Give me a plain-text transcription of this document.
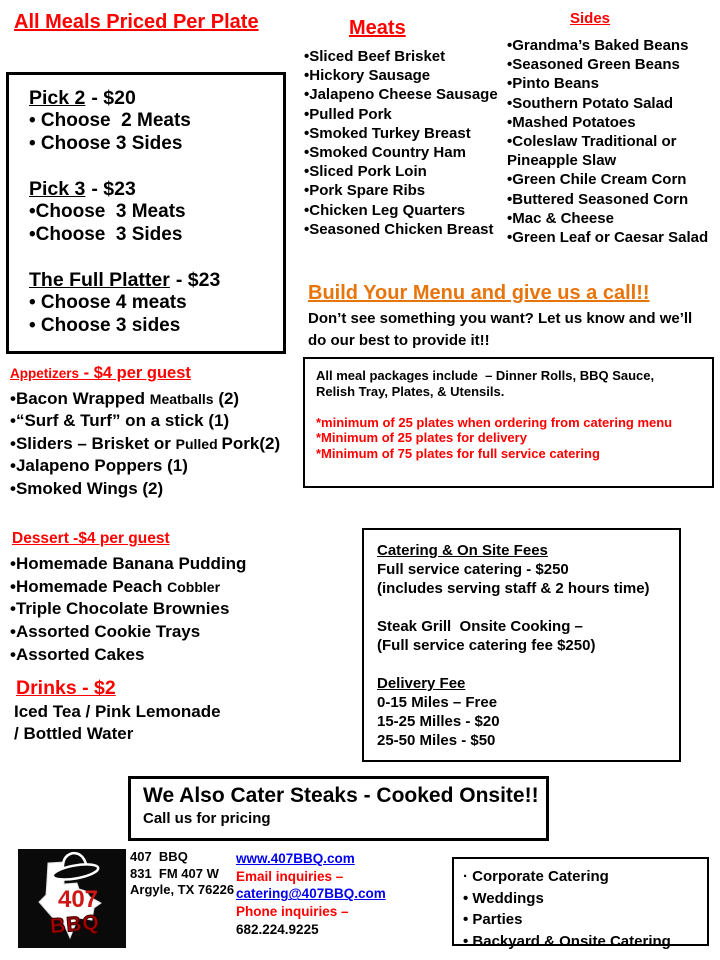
All Meals Priced Per Plate
Pick 2 - $20
• Choose  2 Meats
• Choose 3 Sides
Pick 3 - $23
•Choose  3 Meats
•Choose  3 Sides
The Full Platter - $23
• Choose 4 meats
• Choose 3 sides
Meats
•Sliced Beef Brisket
•Hickory Sausage
•Jalapeno Cheese Sausage
•Pulled Pork
•Smoked Turkey Breast
•Smoked Country Ham
•Sliced Pork Loin
•Pork Spare Ribs
•Chicken Leg Quarters
•Seasoned Chicken Breast
Sides
•Grandma’s Baked Beans
•Seasoned Green Beans
•Pinto Beans
•Southern Potato Salad
•Mashed Potatoes
•Coleslaw Traditional or Pineapple Slaw
•Green Chile Cream Corn
•Buttered Seasoned Corn
•Mac & Cheese
•Green Leaf or Caesar Salad
Build Your Menu and give us a call!!
Don’t see something you want? Let us know and we’ll
do our best to provide it!!
All meal packages include  – Dinner Rolls, BBQ Sauce,
Relish Tray, Plates, & Utensils.
*minimum of 25 plates when ordering from catering menu
*Minimum of 25 plates for delivery
*Minimum of 75 plates for full service catering
Appetizers - $4 per guest
•Bacon Wrapped Meatballs (2)
•“Surf & Turf” on a stick (1)
•Sliders – Brisket or Pulled Pork(2)
•Jalapeno Poppers (1)
•Smoked Wings (2)
Dessert -$4 per guest
•Homemade Banana Pudding
•Homemade Peach Cobbler
•Triple Chocolate Brownies
•Assorted Cookie Trays
•Assorted Cakes
Drinks - $2
Iced Tea / Pink Lemonade
/ Bottled Water
Catering & On Site Fees
Full service catering - $250
(includes serving staff & 2 hours time)
Steak Grill  Onsite Cooking –
(Full service catering fee $250)
Delivery Fee
0-15 Miles – Free
15-25 Milles - $20
25-50 Miles - $50
We Also Cater Steaks - Cooked Onsite!!
Call us for pricing
407
BBQ
407  BBQ
831  FM 407 W
Argyle, TX 76226
www.407BBQ.com
Email inquiries –
catering@407BBQ.com
Phone inquiries –
682.224.9225
· Corporate Catering
• Weddings
• Parties
• Backyard & Onsite Catering
